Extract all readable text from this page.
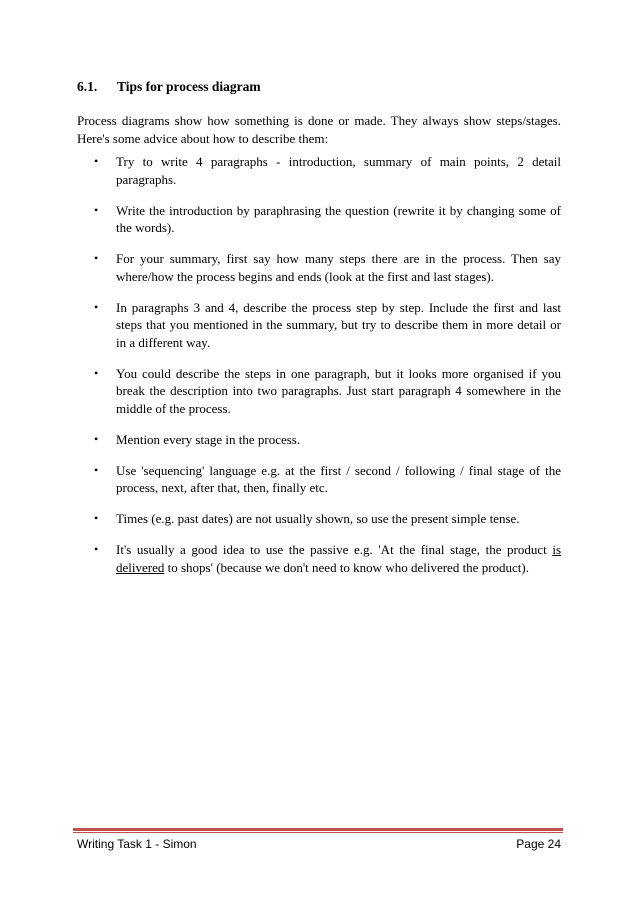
6.1. Tips for process diagram

Process diagrams show how something is done or made. They always show steps/stages. Here's some advice about how to describe them:

• Try to write 4 paragraphs - introduction, summary of main points, 2 detail paragraphs.
• Write the introduction by paraphrasing the question (rewrite it by changing some of the words).
• For your summary, first say how many steps there are in the process. Then say where/how the process begins and ends (look at the first and last stages).
• In paragraphs 3 and 4, describe the process step by step. Include the first and last steps that you mentioned in the summary, but try to describe them in more detail or in a different way.
• You could describe the steps in one paragraph, but it looks more organised if you break the description into two paragraphs. Just start paragraph 4 somewhere in the middle of the process.
• Mention every stage in the process.
• Use 'sequencing' language e.g. at the first / second / following / final stage of the process, next, after that, then, finally etc.
• Times (e.g. past dates) are not usually shown, so use the present simple tense.
• It's usually a good idea to use the passive e.g. 'At the final stage, the product is delivered to shops' (because we don't need to know who delivered the product).
Writing Task 1 - Simon	Page 24
